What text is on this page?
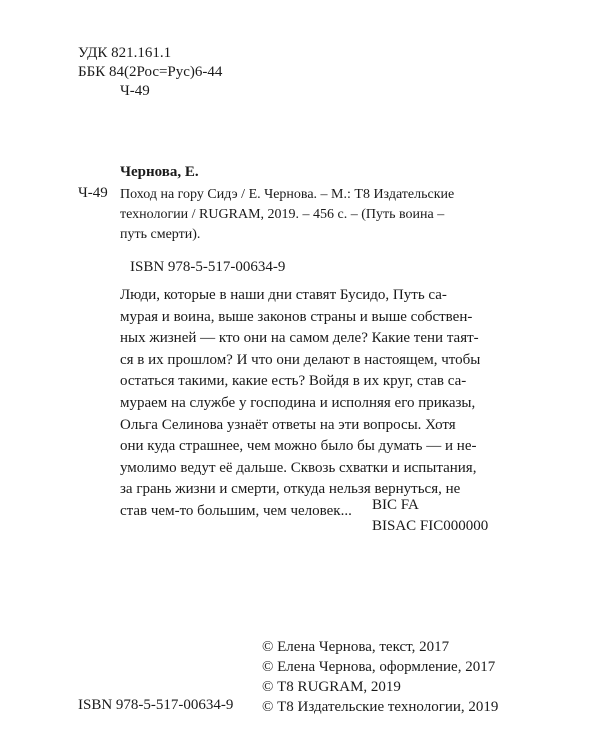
УДК 821.161.1
ББК 84(2Рос=Рус)6-44
Ч-49
Чернова, Е.
Ч-49 Поход на гору Сидэ / Е. Чернова. – М.: Т8 Издательские
технологии / RUGRAM, 2019. – 456 с. – (Путь воина –
путь смерти).
ISBN 978-5-517-00634-9
Люди, которые в наши дни ставят Бусидо, Путь са-
мурая и воина, выше законов страны и выше собствен-
ных жизней — кто они на самом деле? Какие тени таят-
ся в их прошлом? И что они делают в настоящем, чтобы
остаться такими, какие есть? Войдя в их круг, став са-
мураем на службе у господина и исполняя его приказы,
Ольга Селинова узнаёт ответы на эти вопросы. Хотя
они куда страшнее, чем можно было бы думать — и не-
умолимо ведут её дальше. Сквозь схватки и испытания,
за грань жизни и смерти, откуда нельзя вернуться, не
став чем-то большим, чем человек...	BIC FA
BISAC FIC000000
© Елена Чернова, текст, 2017
© Елена Чернова, оформление, 2017
© Т8 RUGRAM, 2019
© Т8 Издательские технологии, 2019
ISBN 978-5-517-00634-9
